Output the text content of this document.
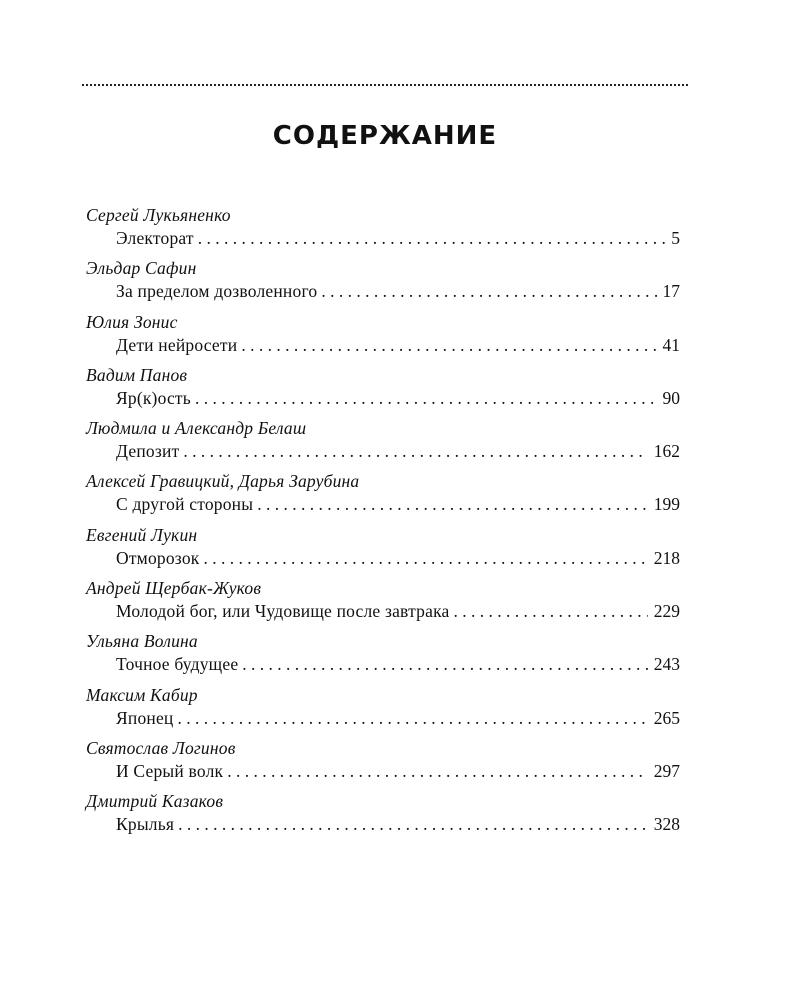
СОДЕРЖАНИЕ
Сергей Лукьяненко
Электорат . . .	5
Эльдар Сафин
За пределом дозволенного . . .	17
Юлия Зонис
Дети нейросети . . .	41
Вадим Панов
Яр(к)ость . . .	90
Людмила и Александр Белаш
Депозит . . .	162
Алексей Гравицкий, Дарья Зарубина
С другой стороны . . .	199
Евгений Лукин
Отморозок . . .	218
Андрей Щербак-Жуков
Молодой бог, или Чудовище после завтрака . . .	229
Ульяна Волина
Точное будущее . . .	243
Максим Кабир
Японец . . .	265
Святослав Логинов
И Серый волк . . .	297
Дмитрий Казаков
Крылья . . .	328
